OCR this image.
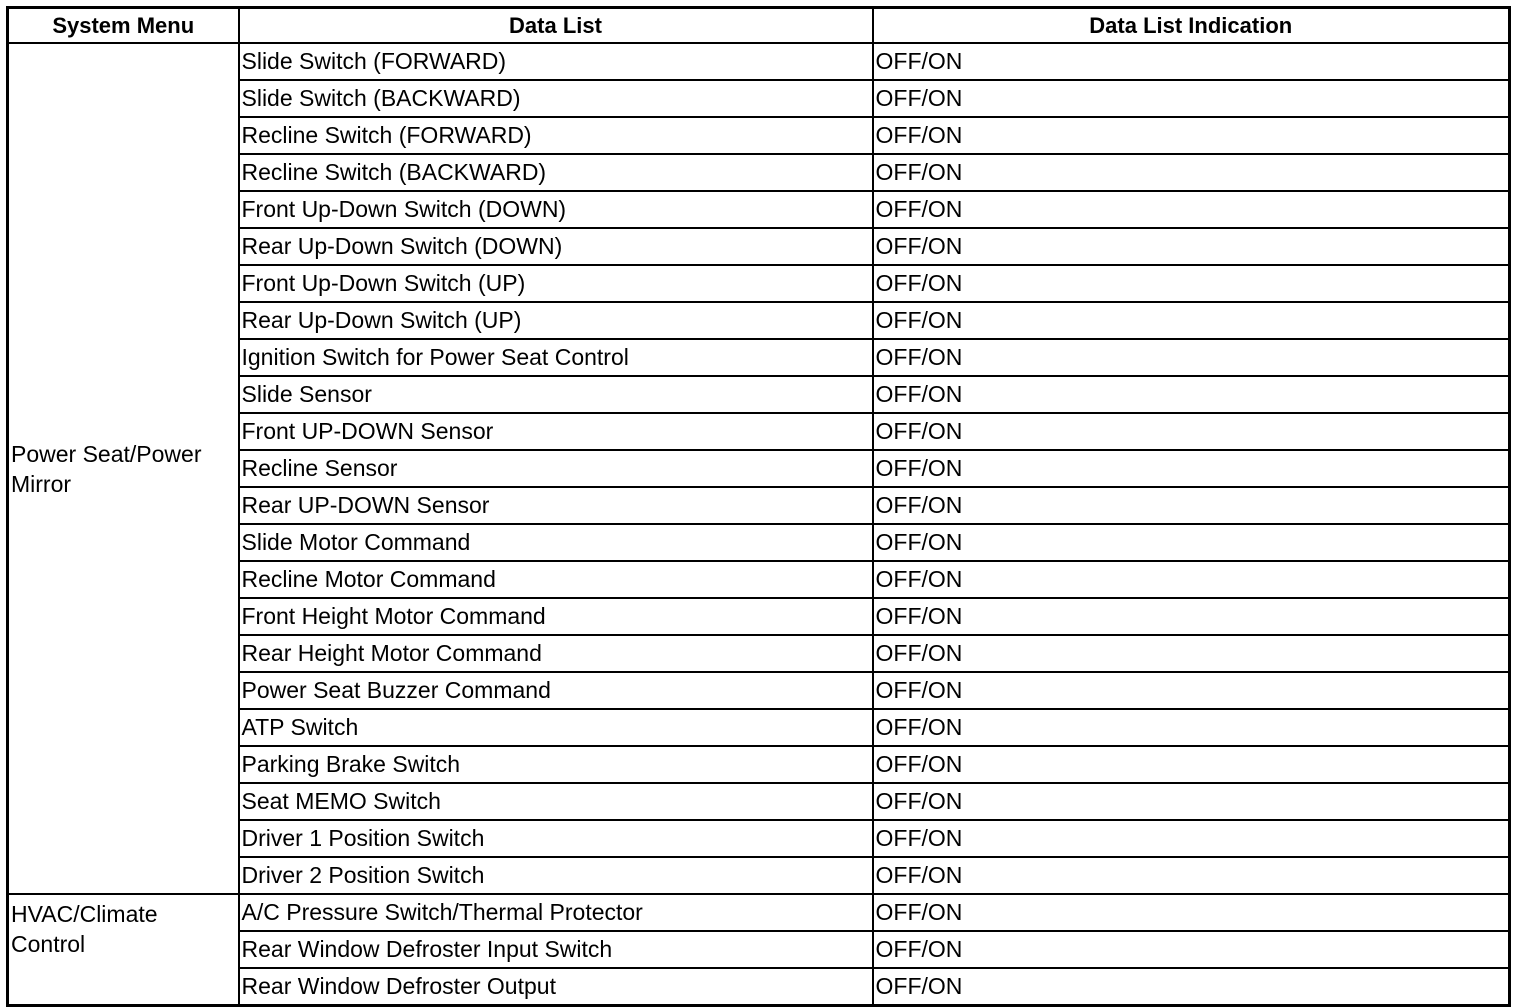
System Menu	Data List	Data List Indication
Power Seat/Power Mirror	Slide Switch (FORWARD)	OFF/ON
	Slide Switch (BACKWARD)	OFF/ON
	Recline Switch (FORWARD)	OFF/ON
	Recline Switch (BACKWARD)	OFF/ON
	Front Up-Down Switch (DOWN)	OFF/ON
	Rear Up-Down Switch (DOWN)	OFF/ON
	Front Up-Down Switch (UP)	OFF/ON
	Rear Up-Down Switch (UP)	OFF/ON
	Ignition Switch for Power Seat Control	OFF/ON
	Slide Sensor	OFF/ON
	Front UP-DOWN Sensor	OFF/ON
	Recline Sensor	OFF/ON
	Rear UP-DOWN Sensor	OFF/ON
	Slide Motor Command	OFF/ON
	Recline Motor Command	OFF/ON
	Front Height Motor Command	OFF/ON
	Rear Height Motor Command	OFF/ON
	Power Seat Buzzer Command	OFF/ON
	ATP Switch	OFF/ON
	Parking Brake Switch	OFF/ON
	Seat MEMO Switch	OFF/ON
	Driver 1 Position Switch	OFF/ON
	Driver 2 Position Switch	OFF/ON
HVAC/Climate Control	A/C Pressure Switch/Thermal Protector	OFF/ON
	Rear Window Defroster Input Switch	OFF/ON
	Rear Window Defroster Output	OFF/ON
